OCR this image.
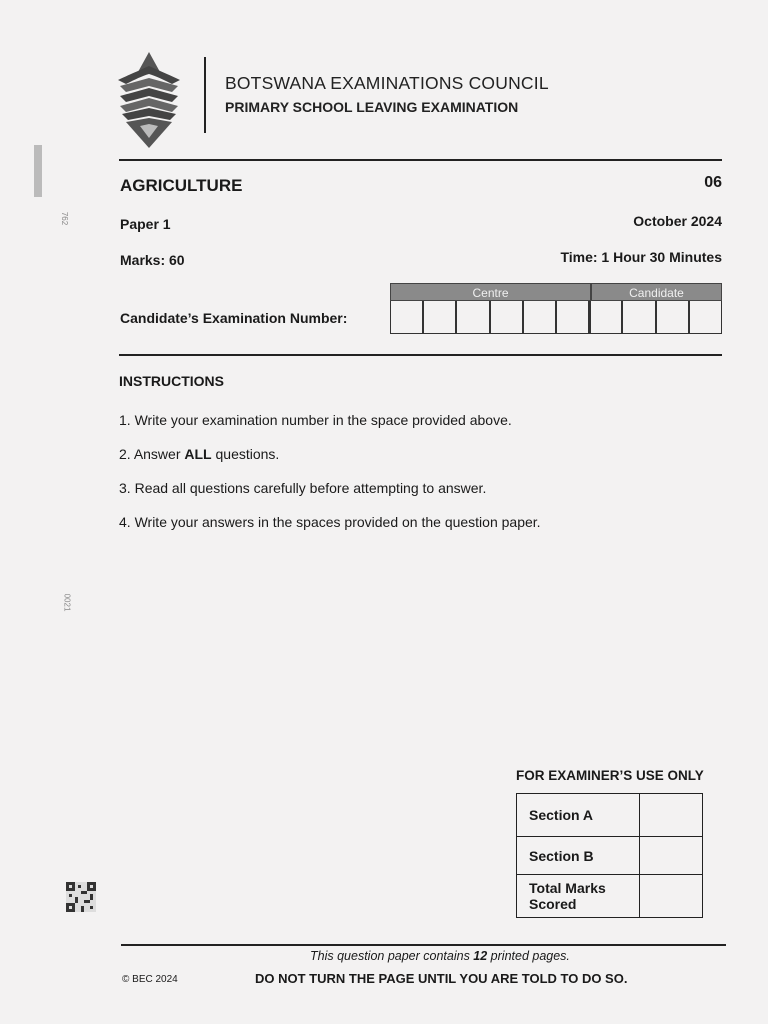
762
0021
BOTSWANA EXAMINATIONS COUNCIL
PRIMARY SCHOOL LEAVING EXAMINATION
AGRICULTURE	06
Paper 1	October 2024
Marks: 60	Time: 1 Hour 30 Minutes
Candidate’s Examination Number:
Centre	Candidate
INSTRUCTIONS
1. Write your examination number in the space provided above.
2. Answer ALL questions.
3. Read all questions carefully before attempting to answer.
4. Write your answers in the spaces provided on the question paper.
FOR EXAMINER’S USE ONLY
Section A	
Section B	
Total Marks Scored	
This question paper contains 12 printed pages.
© BEC 2024	DO NOT TURN THE PAGE UNTIL YOU ARE TOLD TO DO SO.
